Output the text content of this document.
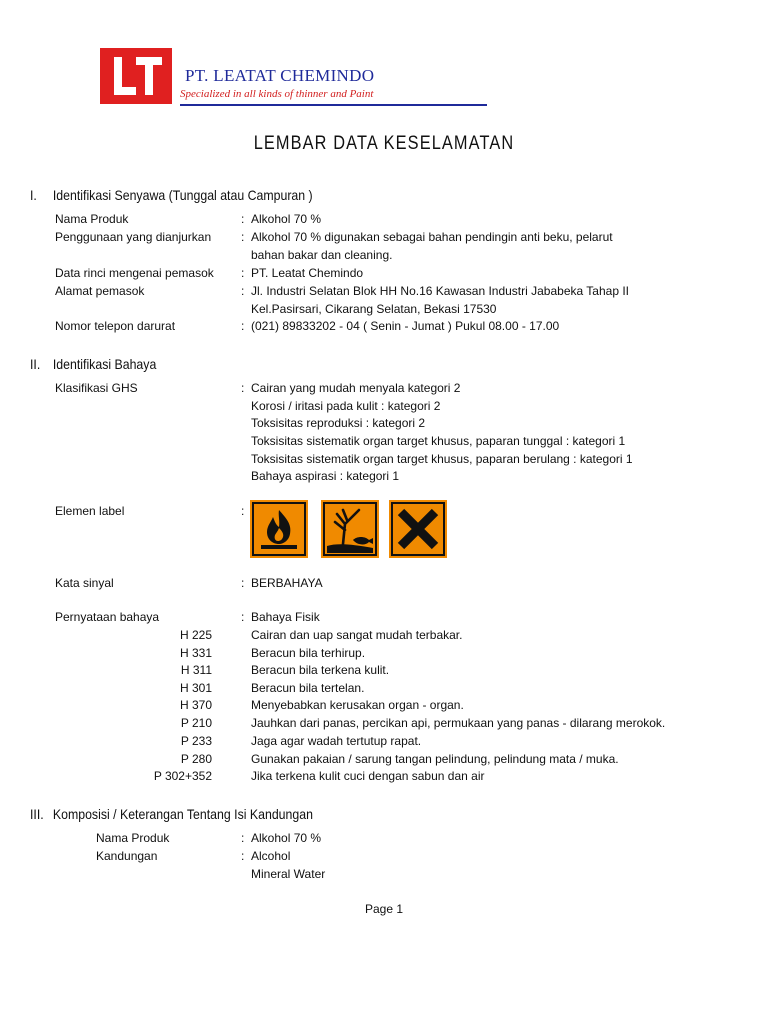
PT. LEATAT CHEMINDO
Specialized in all kinds of thinner and Paint
LEMBAR DATA KESELAMATAN
I. Identifikasi Senyawa (Tunggal atau Campuran )
Nama Produk	: Alkohol 70 %
Penggunaan yang dianjurkan : Alkohol 70 % digunakan sebagai bahan pendingin anti beku, pelarut
bahan bakar dan cleaning.
Data rinci mengenai pemasok : PT. Leatat Chemindo
Alamat pemasok	: Jl. Industri Selatan Blok HH No.16 Kawasan Industri Jababeka Tahap II
Kel.Pasirsari, Cikarang Selatan, Bekasi 17530
Nomor telepon darurat	: (021) 89833202 - 04 ( Senin - Jumat ) Pukul 08.00 - 17.00
II. Identifikasi Bahaya
Klasifikasi GHS	: Cairan yang mudah menyala kategori 2
Korosi / iritasi pada kulit : kategori 2
Toksisitas reproduksi : kategori 2
Toksisitas sistematik organ target khusus, paparan tunggal : kategori 1
Toksisitas sistematik organ target khusus, paparan berulang : kategori 1
Bahaya aspirasi : kategori 1
Elemen label	:
Kata sinyal	: BERBAHAYA
Pernyataan bahaya	: Bahaya Fisik
H 225	Cairan dan uap sangat mudah terbakar.
H 331	Beracun bila terhirup.
H 311	Beracun bila terkena kulit.
H 301	Beracun bila tertelan.
H 370	Menyebabkan kerusakan organ - organ.
P 210	Jauhkan dari panas, percikan api, permukaan yang panas - dilarang merokok.
P 233	Jaga agar wadah tertutup rapat.
P 280	Gunakan pakaian / sarung tangan pelindung, pelindung mata / muka.
P 302+352	Jika terkena kulit cuci dengan sabun dan air
III. Komposisi / Keterangan Tentang Isi Kandungan
Nama Produk	: Alkohol 70 %
Kandungan	: Alcohol
Mineral Water
Page 1
